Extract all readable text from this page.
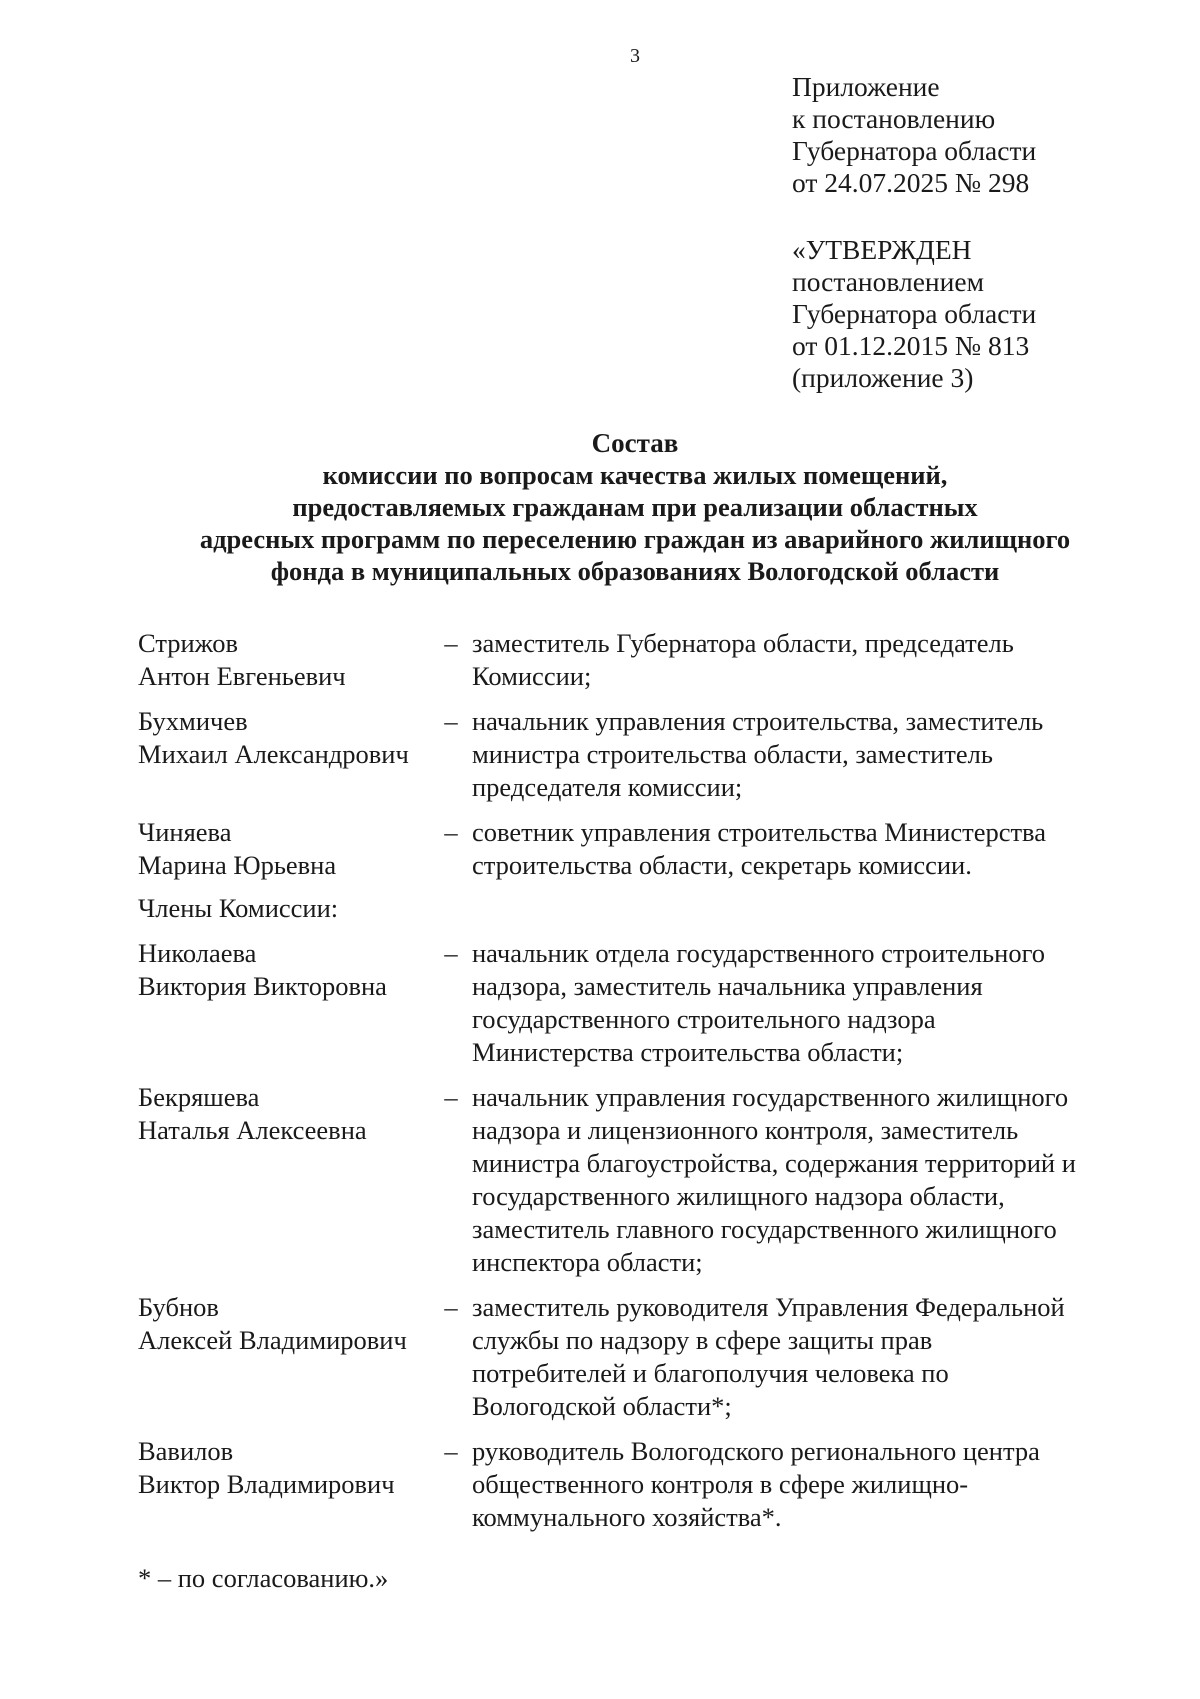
3
Приложение
к постановлению
Губернатора области
от 24.07.2025 № 298
«УТВЕРЖДЕН
постановлением
Губернатора области
от 01.12.2015 № 813
(приложение 3)
Состав
комиссии по вопросам качества жилых помещений,
предоставляемых гражданам при реализации областных
адресных программ по переселению граждан из аварийного жилищного
фонда в муниципальных образованиях Вологодской области
Стрижов
Антон Евгеньевич
– заместитель Губернатора области, председатель
Комиссии;
Бухмичев
Михаил Александрович
– начальник управления строительства, заместитель
министра строительства области, заместитель
председателя комиссии;
Чиняева
Марина Юрьевна
– советник управления строительства Министерства
строительства области, секретарь комиссии.
Члены Комиссии:
Николаева
Виктория Викторовна
– начальник отдела государственного строительного
надзора, заместитель начальника управления
государственного строительного надзора
Министерства строительства области;
Бекряшева
Наталья Алексеевна
– начальник управления государственного жилищного
надзора и лицензионного контроля, заместитель
министра благоустройства, содержания территорий и
государственного жилищного надзора области,
заместитель главного государственного жилищного
инспектора области;
Бубнов
Алексей Владимирович
– заместитель руководителя Управления Федеральной
службы по надзору в сфере защиты прав
потребителей и благополучия человека по
Вологодской области*;
Вавилов
Виктор Владимирович
– руководитель Вологодского регионального центра
общественного контроля в сфере жилищно-
коммунального хозяйства*.
* – по согласованию.»
